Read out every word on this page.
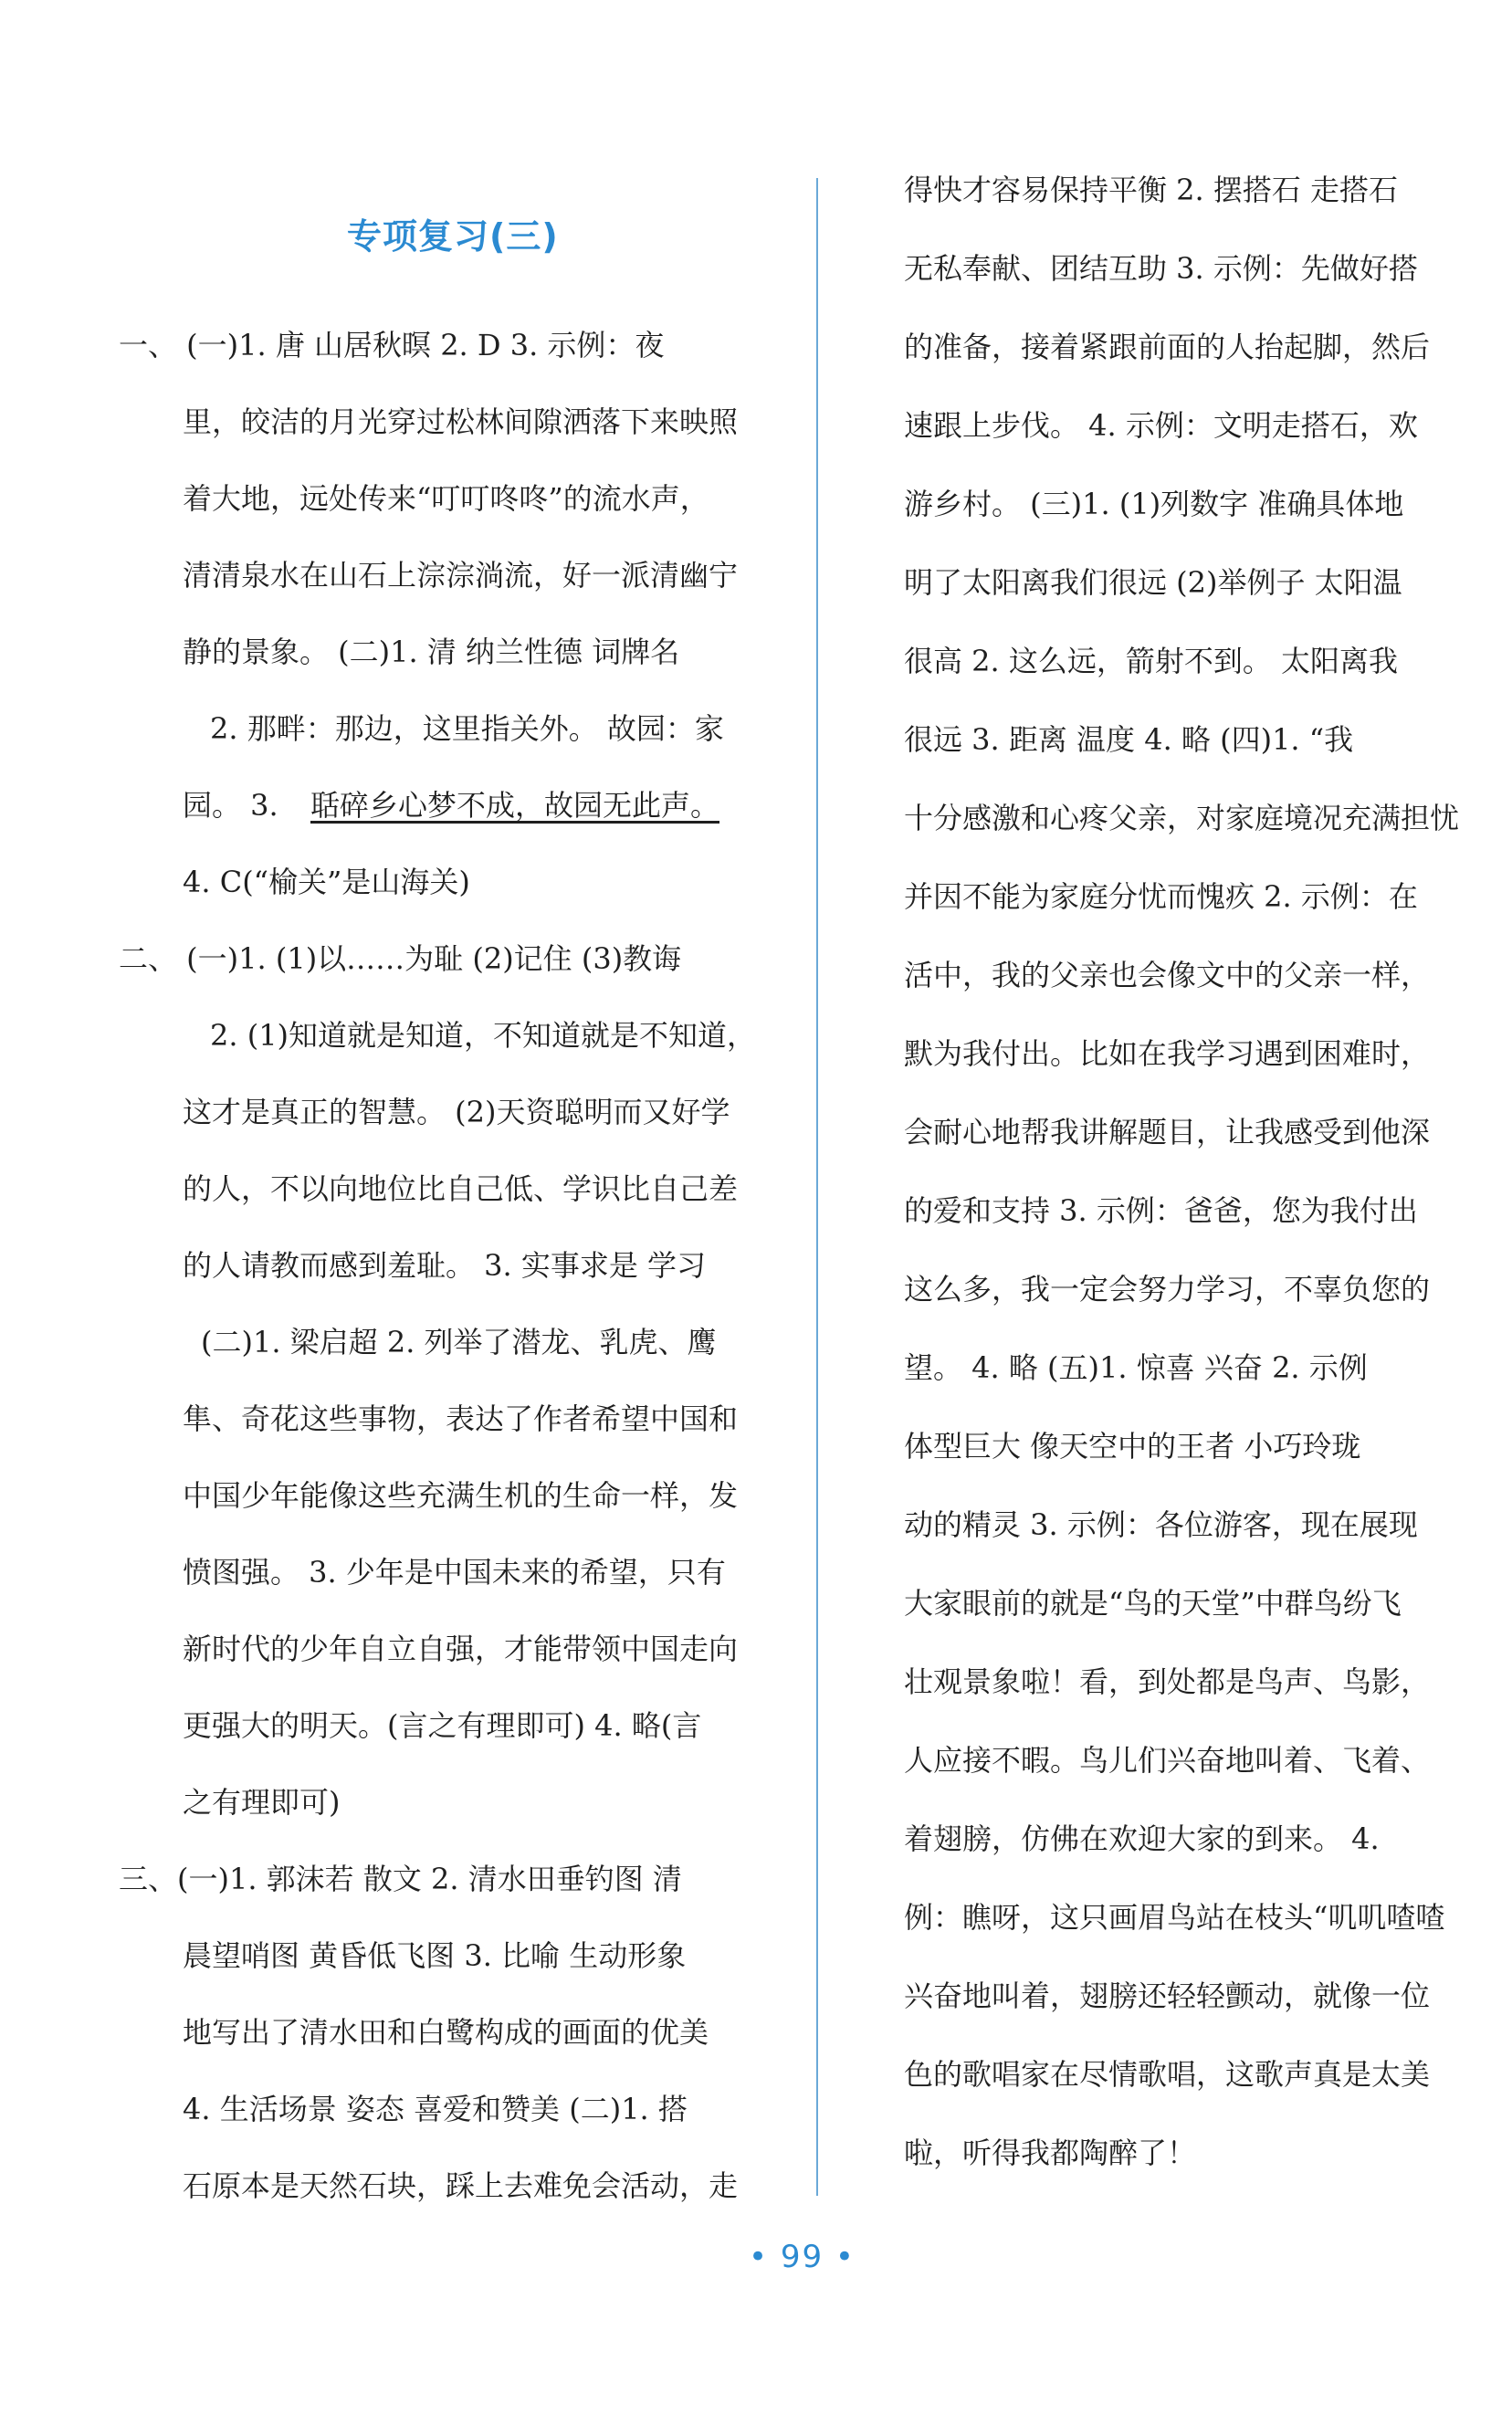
专项复习(三)
一、 (一)1. 唐 山居秋暝 2. D 3. 示例：夜
里，皎洁的月光穿过松林间隙洒落下来映照
着大地，远处传来“叮叮咚咚”的流水声，
清清泉水在山石上淙淙淌流，好一派清幽宁
静的景象。 (二)1. 清 纳兰性德 词牌名
2. 那畔：那边，这里指关外。 故园：家
园。 3. 聒碎乡心梦不成，故园无此声。
4. C(“榆关”是山海关)
二、 (一)1. (1)以……为耻 (2)记住 (3)教诲
2. (1)知道就是知道，不知道就是不知道，
这才是真正的智慧。 (2)天资聪明而又好学
的人，不以向地位比自己低、学识比自己差
的人请教而感到羞耻。 3. 实事求是 学习
(二)1. 梁启超 2. 列举了潜龙、乳虎、鹰
隼、奇花这些事物，表达了作者希望中国和
中国少年能像这些充满生机的生命一样，发
愤图强。 3. 少年是中国未来的希望，只有
新时代的少年自立自强，才能带领中国走向
更强大的明天。(言之有理即可) 4. 略(言
之有理即可)
三、(一)1. 郭沫若 散文 2. 清水田垂钓图 清
晨望哨图 黄昏低飞图 3. 比喻 生动形象
地写出了清水田和白鹭构成的画面的优美
4. 生活场景 姿态 喜爱和赞美 (二)1. 搭
石原本是天然石块，踩上去难免会活动，走
得快才容易保持平衡 2. 摆搭石 走搭石
无私奉献、团结互助 3. 示例：先做好搭
的准备，接着紧跟前面的人抬起脚，然后
速跟上步伐。 4. 示例：文明走搭石，欢
游乡村。 (三)1. (1)列数字 准确具体地
明了太阳离我们很远 (2)举例子 太阳温
很高 2. 这么远，箭射不到。 太阳离我
很远 3. 距离 温度 4. 略 (四)1. “我
十分感激和心疼父亲，对家庭境况充满担忧
并因不能为家庭分忧而愧疚 2. 示例：在
活中，我的父亲也会像文中的父亲一样，
默为我付出。比如在我学习遇到困难时，
会耐心地帮我讲解题目，让我感受到他深
的爱和支持 3. 示例：爸爸，您为我付出
这么多，我一定会努力学习，不辜负您的
望。 4. 略 (五)1. 惊喜 兴奋 2. 示例
体型巨大 像天空中的王者 小巧玲珑
动的精灵 3. 示例：各位游客，现在展现
大家眼前的就是“鸟的天堂”中群鸟纷飞
壮观景象啦！看，到处都是鸟声、鸟影，
人应接不暇。鸟儿们兴奋地叫着、飞着、
着翅膀，仿佛在欢迎大家的到来。 4.
例：瞧呀，这只画眉鸟站在枝头“叽叽喳喳
兴奋地叫着，翅膀还轻轻颤动，就像一位
色的歌唱家在尽情歌唱，这歌声真是太美
啦，听得我都陶醉了！
• 99 •
